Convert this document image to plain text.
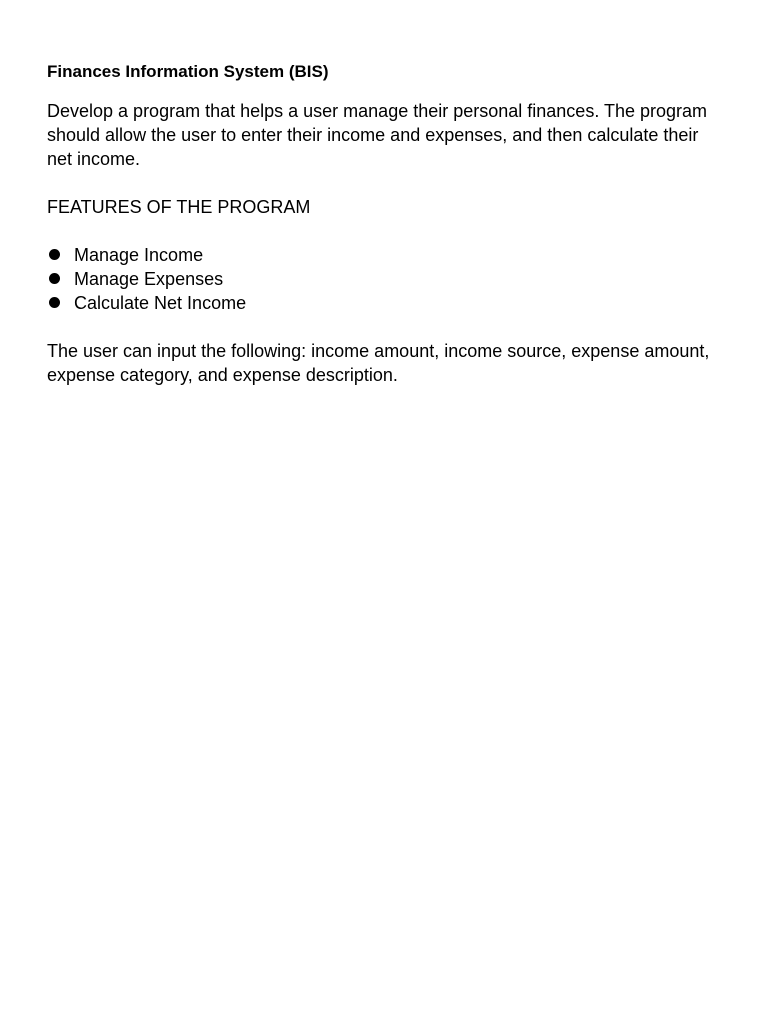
Finances Information System (BIS)

Develop a program that helps a user manage their personal finances. The program should allow the user to enter their income and expenses, and then calculate their net income.

FEATURES OF THE PROGRAM

Manage Income
Manage Expenses
Calculate Net Income

The user can input the following: income amount, income source, expense amount, expense category, and expense description.
